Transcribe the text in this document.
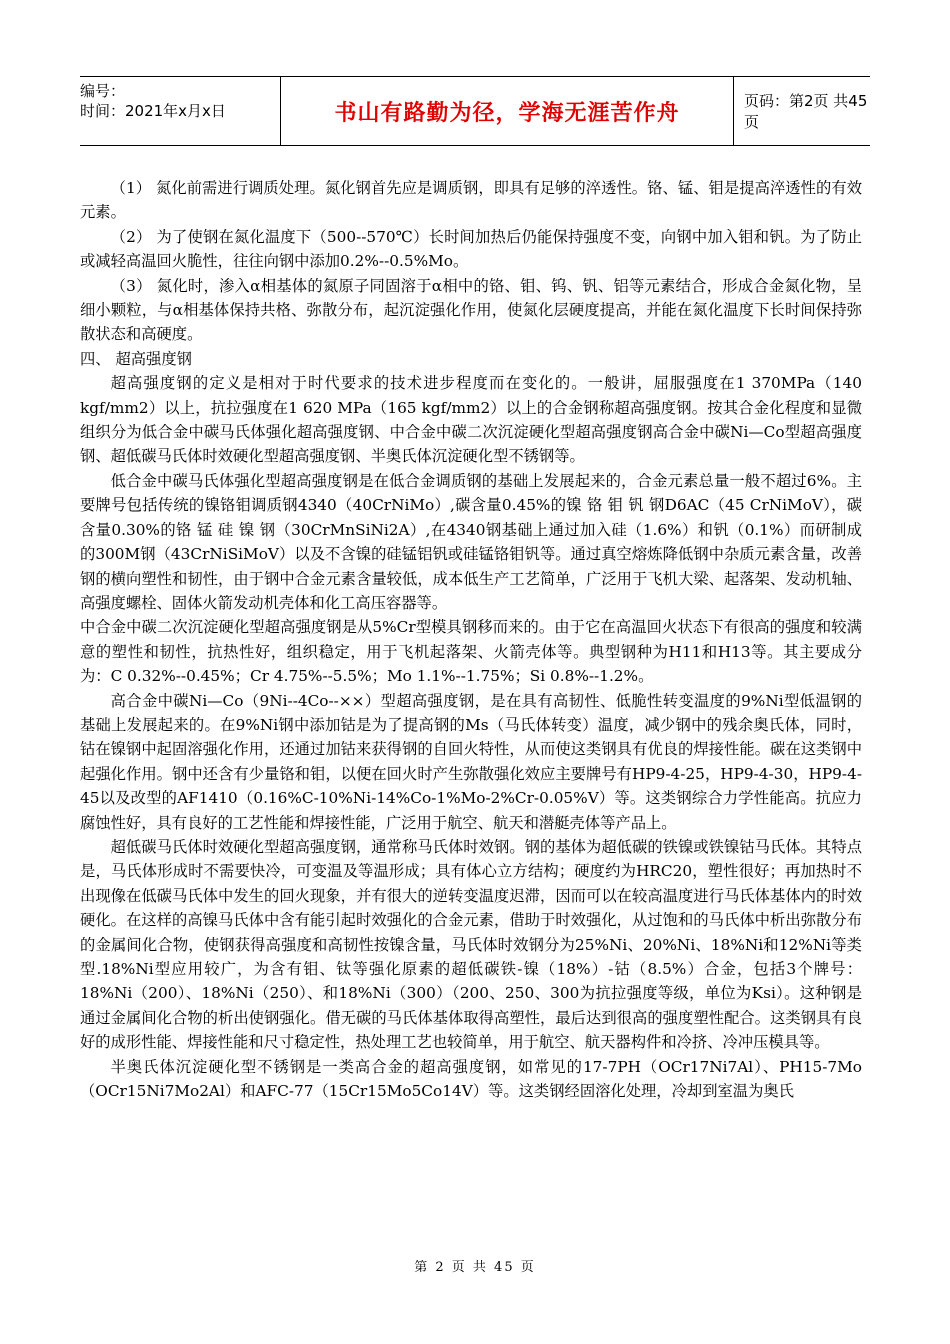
编号：
时间：2021年x月x日	书山有路勤为径，学海无涯苦作舟	页码：第2页 共45页

（1） 氮化前需进行调质处理。氮化钢首先应是调质钢，即具有足够的淬透性。铬、锰、钼是提高淬透性的有效元素。

（2） 为了使钢在氮化温度下（500--570℃）长时间加热后仍能保持强度不变，向钢中加入钼和钒。为了防止或减轻高温回火脆性，往往向钢中添加0.2%--0.5%Mo。

（3） 氮化时，渗入α相基体的氮原子同固溶于α相中的铬、钼、钨、钒、铝等元素结合，形成合金氮化物，呈细小颗粒，与α相基体保持共格、弥散分布，起沉淀强化作用，使氮化层硬度提高，并能在氮化温度下长时间保持弥散状态和高硬度。

四、 超高强度钢

超高强度钢的定义是相对于时代要求的技术进步程度而在变化的。一般讲，屈服强度在1 370MPa（140 kgf/mm2）以上，抗拉强度在1 620 MPa（165 kgf/mm2）以上的合金钢称超高强度钢。按其合金化程度和显微组织分为低合金中碳马氏体强化超高强度钢、中合金中碳二次沉淀硬化型超高强度钢高合金中碳Ni—Co型超高强度钢、超低碳马氏体时效硬化型超高强度钢、半奥氏体沉淀硬化型不锈钢等。

低合金中碳马氏体强化型超高强度钢是在低合金调质钢的基础上发展起来的，合金元素总量一般不超过6%。主要牌号包括传统的镍铬钼调质钢4340（40CrNiMo）,碳含量0.45%的镍 铬 钼 钒 钢D6AC（45 CrNiMoV），碳含量0.30%的铬 锰 硅 镍 钢（30CrMnSiNi2A）,在4340钢基础上通过加入硅（1.6%）和钒（0.1%）而研制成的300M钢（43CrNiSiMoV）以及不含镍的硅锰铝钒或硅锰铬钼钒等。通过真空熔炼降低钢中杂质元素含量，改善钢的横向塑性和韧性，由于钢中合金元素含量较低，成本低生产工艺简单，广泛用于飞机大梁、起落架、发动机轴、高强度螺栓、固体火箭发动机壳体和化工高压容器等。

中合金中碳二次沉淀硬化型超高强度钢是从5%Cr型模具钢移而来的。由于它在高温回火状态下有很高的强度和较满意的塑性和韧性，抗热性好，组织稳定，用于飞机起落架、火箭壳体等。典型钢种为H11和H13等。其主要成分为：C 0.32%--0.45%；Cr 4.75%--5.5%；Mo 1.1%--1.75%；Si 0.8%--1.2%。

高合金中碳Ni—Co（9Ni--4Co--××）型超高强度钢，是在具有高韧性、低脆性转变温度的9%Ni型低温钢的基础上发展起来的。在9%Ni钢中添加钴是为了提高钢的Ms（马氏体转变）温度，减少钢中的残余奥氏体，同时，钴在镍钢中起固溶强化作用，还通过加钴来获得钢的自回火特性，从而使这类钢具有优良的焊接性能。碳在这类钢中起强化作用。钢中还含有少量铬和钼，以便在回火时产生弥散强化效应主要牌号有HP9-4-25，HP9-4-30，HP9-4-45以及改型的AF1410（0.16%C-10%Ni-14%Co-1%Mo-2%Cr-0.05%V）等。这类钢综合力学性能高。抗应力腐蚀性好，具有良好的工艺性能和焊接性能，广泛用于航空、航天和潜艇壳体等产品上。

超低碳马氏体时效硬化型超高强度钢，通常称马氏体时效钢。钢的基体为超低碳的铁镍或铁镍钴马氏体。其特点是，马氏体形成时不需要快冷，可变温及等温形成；具有体心立方结构；硬度约为HRC20，塑性很好；再加热时不出现像在低碳马氏体中发生的回火现象，并有很大的逆转变温度迟滞，因而可以在较高温度进行马氏体基体内的时效硬化。在这样的高镍马氏体中含有能引起时效强化的合金元素，借助于时效强化，从过饱和的马氏体中析出弥散分布的金属间化合物，使钢获得高强度和高韧性按镍含量，马氏体时效钢分为25%Ni、20%Ni、18%Ni和12%Ni等类型.18%Ni型应用较广，为含有钼、钛等强化原素的超低碳铁-镍（18%）-钴（8.5%）合金，包括3个牌号：18%Ni（200）、18%Ni（250）、和18%Ni（300）（200、250、300为抗拉强度等级，单位为Ksi）。这种钢是通过金属间化合物的析出使钢强化。借无碳的马氏体基体取得高塑性，最后达到很高的强度塑性配合。这类钢具有良好的成形性能、焊接性能和尺寸稳定性，热处理工艺也较简单，用于航空、航天器构件和冷挤、冷冲压模具等。

半奥氏体沉淀硬化型不锈钢是一类高合金的超高强度钢，如常见的17-7PH（OCr17Ni7Al）、PH15-7Mo（OCr15Ni7Mo2Al）和AFC-77（15Cr15Mo5Co14V）等。这类钢经固溶化处理，冷却到室温为奥氏

第 2 页 共 45 页
